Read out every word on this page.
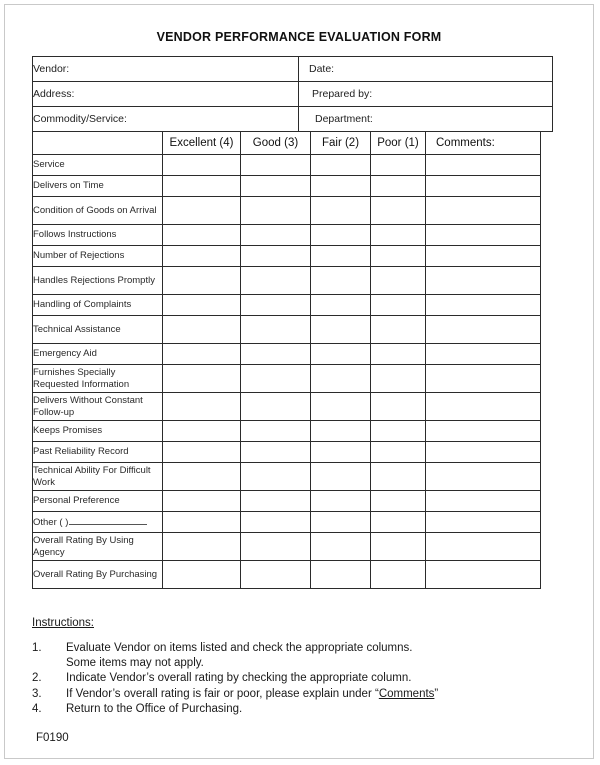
VENDOR PERFORMANCE EVALUATION FORM
Vendor:	Date:
Address:	Prepared by:
Commodity/Service:	Department:
	Excellent (4)	Good (3)	Fair (2)	Poor (1)	Comments:
Service					
Delivers on Time					
Condition of Goods on Arrival					
Follows Instructions					
Number of Rejections					
Handles Rejections Promptly					
Handling of Complaints					
Technical Assistance					
Emergency Aid					
Furnishes Specially Requested Information					
Delivers Without Constant Follow-up					
Keeps Promises					
Past Reliability Record					
Technical Ability For Difficult Work					
Personal Preference					
Other ( )					
Overall Rating By Using Agency					
Overall Rating By Purchasing					
Instructions:
1.	Evaluate Vendor on items listed and check the appropriate columns.
Some items may not apply.
2.	Indicate Vendor’s overall rating by checking the appropriate column.
3.	If Vendor’s overall rating is fair or poor, please explain under “Comments”
4.	Return to the Office of Purchasing.
F0190
